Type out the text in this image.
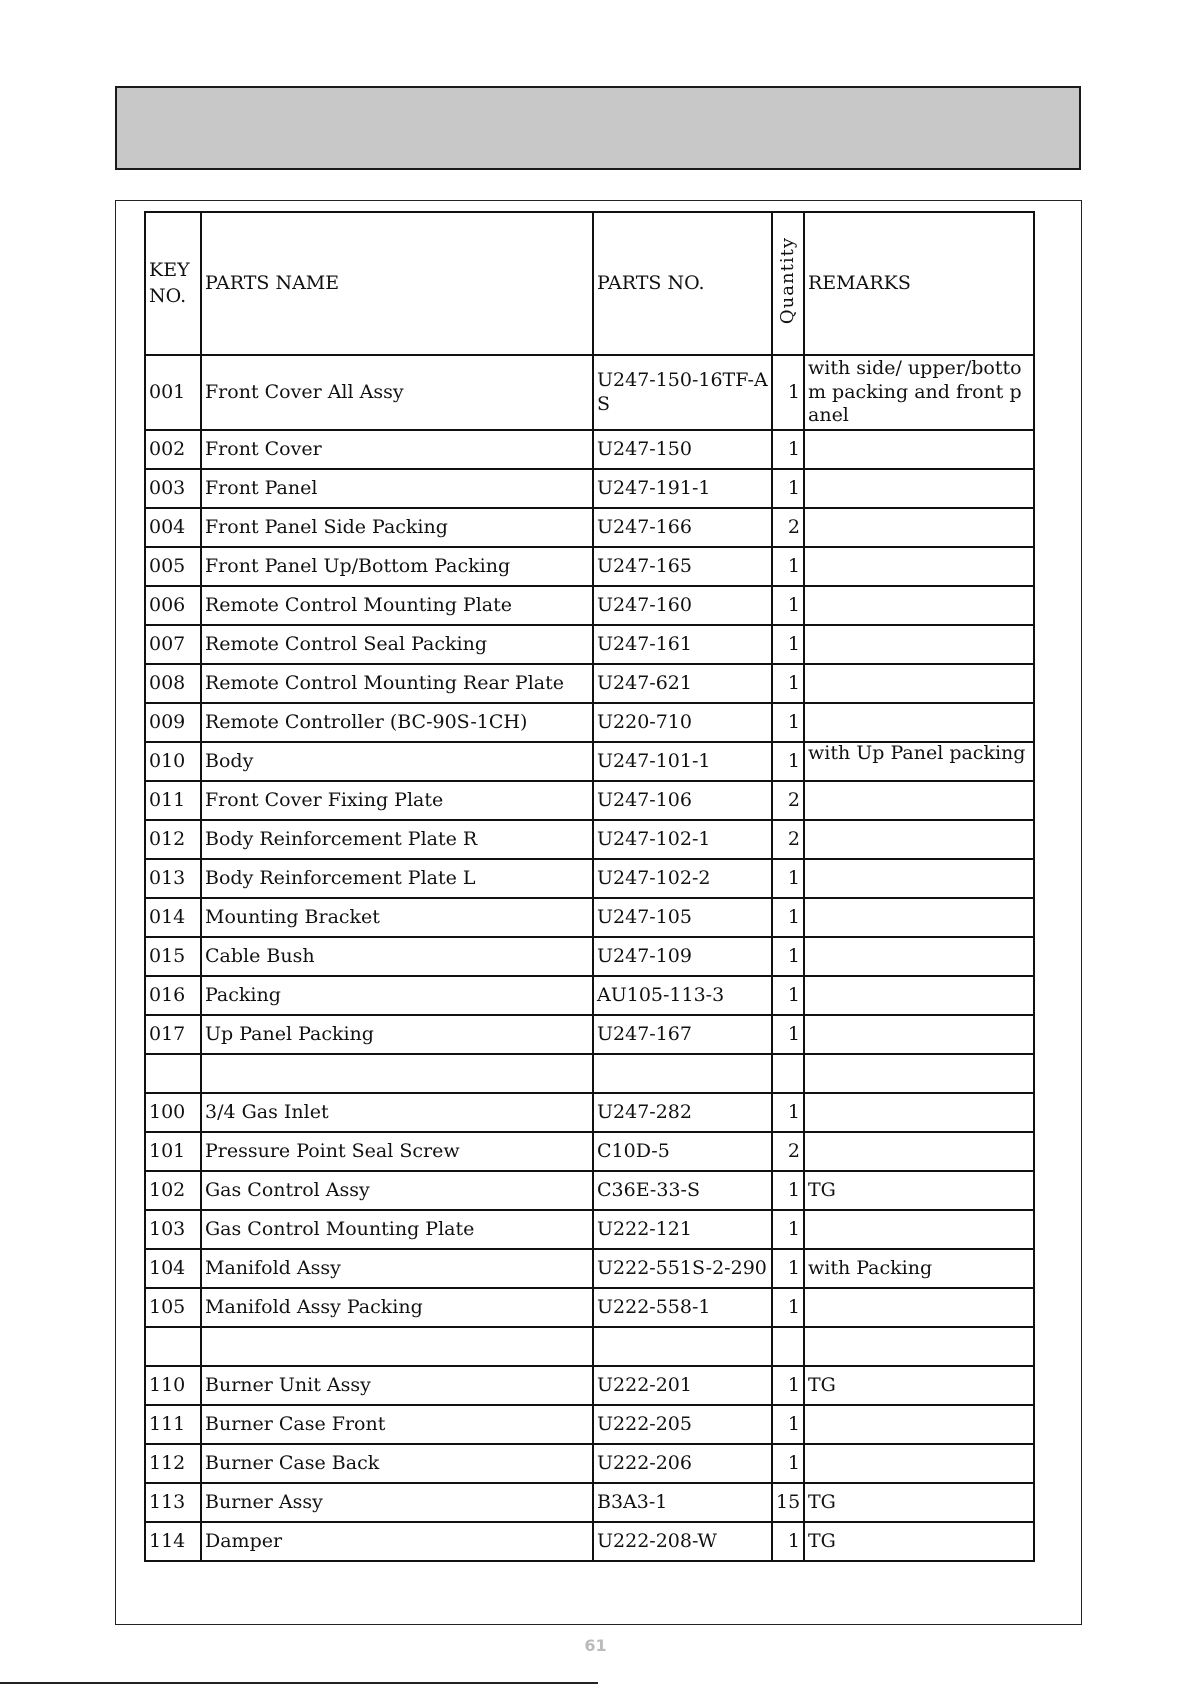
KEY NO.	PARTS NAME	PARTS NO.	Quantity	REMARKS
001	Front Cover All Assy	U247-150-16TF-AS	1	with side/ upper/bottom packing and front panel
002	Front Cover	U247-150	1	
003	Front Panel	U247-191-1	1	
004	Front Panel Side Packing	U247-166	2	
005	Front Panel Up/Bottom Packing	U247-165	1	
006	Remote Control Mounting Plate	U247-160	1	
007	Remote Control Seal Packing	U247-161	1	
008	Remote Control Mounting Rear Plate	U247-621	1	
009	Remote Controller (BC-90S-1CH)	U220-710	1	
010	Body	U247-101-1	1	with Up Panel packing
011	Front Cover Fixing Plate	U247-106	2	
012	Body Reinforcement Plate R	U247-102-1	2	
013	Body Reinforcement Plate L	U247-102-2	1	
014	Mounting Bracket	U247-105	1	
015	Cable Bush	U247-109	1	
016	Packing	AU105-113-3	1	
017	Up Panel Packing	U247-167	1	

100	3/4 Gas Inlet	U247-282	1	
101	Pressure Point Seal Screw	C10D-5	2	
102	Gas Control Assy	C36E-33-S	1	TG
103	Gas Control Mounting Plate	U222-121	1	
104	Manifold Assy	U222-551S-2-290	1	with Packing
105	Manifold Assy Packing	U222-558-1	1	

110	Burner Unit Assy	U222-201	1	TG
111	Burner Case Front	U222-205	1	
112	Burner Case Back	U222-206	1	
113	Burner Assy	B3A3-1	15	TG
114	Damper	U222-208-W	1	TG
61
